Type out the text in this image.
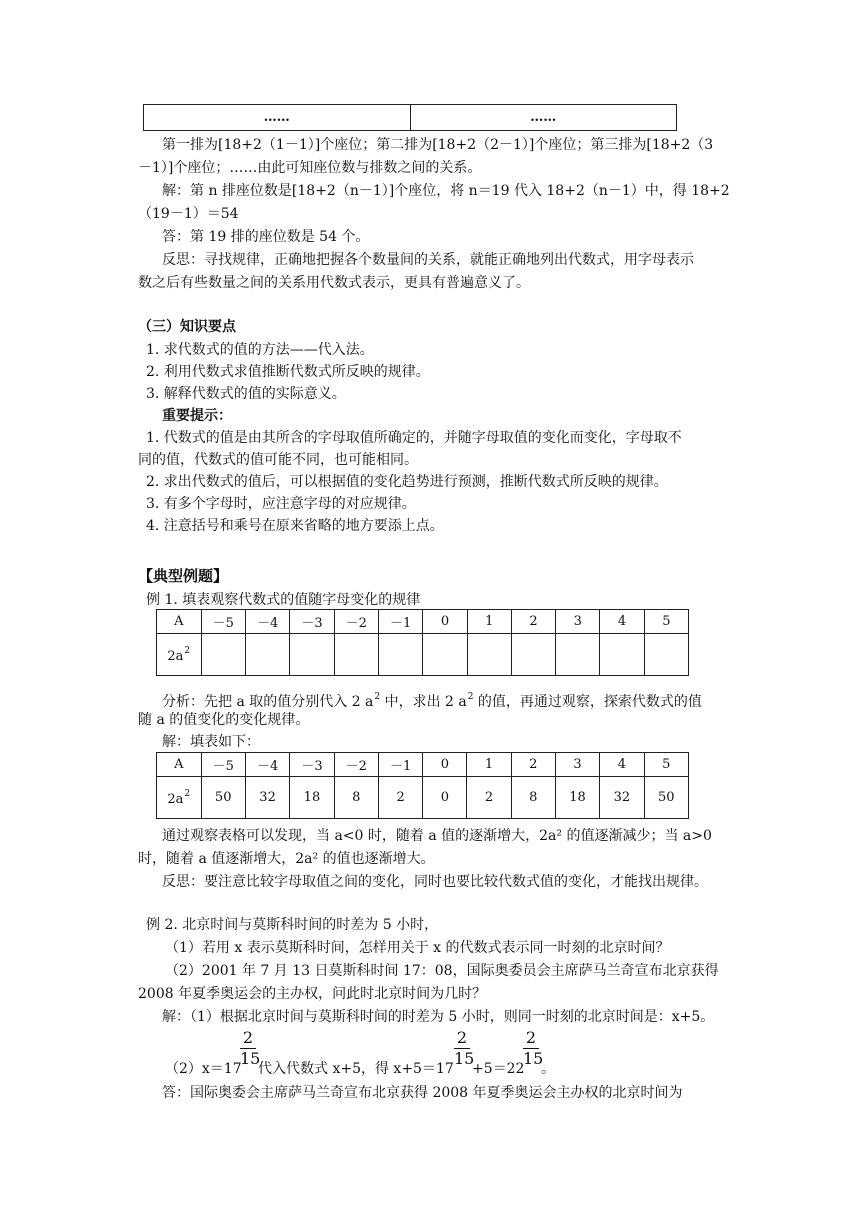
……	……
第一排为[18+2（1－1）]个座位；第二排为[18+2（2－1）]个座位；第三排为[18+2（3
－1）]个座位；……由此可知座位数与排数之间的关系。
解：第 n 排座位数是[18+2（n－1）]个座位，将 n＝19 代入 18+2（n－1）中，得 18+2
（19－1）＝54
答：第 19 排的座位数是 54 个。
反思：寻找规律，正确地把握各个数量间的关系，就能正确地列出代数式，用字母表示
数之后有些数量之间的关系用代数式表示，更具有普遍意义了。
（三）知识要点
1. 求代数式的值的方法——代入法。
2. 利用代数式求值推断代数式所反映的规律。
3. 解释代数式的值的实际意义。
重要提示：
1. 代数式的值是由其所含的字母取值所确定的，并随字母取值的变化而变化，字母取不
同的值，代数式的值可能不同，也可能相同。
2. 求出代数式的值后，可以根据值的变化趋势进行预测，推断代数式所反映的规律。
3. 有多个字母时，应注意字母的对应规律。
4. 注意括号和乘号在原来省略的地方要添上点。
【典型例题】
例 1. 填表观察代数式的值随字母变化的规律
A	－5	－4	－3	－2	－1	0	1	2	3	4	5
$2a^2$											
分析：先把 a 取的值分别代入 2 $a^2$ 中，求出 2 $a^2$ 的值，再通过观察，探索代数式的值
随 a 的值变化的变化规律。
解：填表如下：
A	－5	－4	－3	－2	－1	0	1	2	3	4	5
$2a^2$	50	32	18	8	2	0	2	8	18	32	50
通过观察表格可以发现，当 a<0 时，随着 a 值的逐渐增大，2a² 的值逐渐减少；当 a>0
时，随着 a 值逐渐增大，2a² 的值也逐渐增大。
反思：要注意比较字母取值之间的变化，同时也要比较代数式值的变化，才能找出规律。
例 2. 北京时间与莫斯科时间的时差为 5 小时，
（1）若用 x 表示莫斯科时间，怎样用关于 x 的代数式表示同一时刻的北京时间？
（2）2001 年 7 月 13 日莫斯科时间 17：08，国际奥委员会主席萨马兰奇宣布北京获得
2008 年夏季奥运会的主办权，问此时北京时间为几时？
解：（1）根据北京时间与莫斯科时间的时差为 5 小时，则同一时刻的北京时间是：x+5。
（2）x＝17
$\frac{2}{15}$
代入代数式 x+5，得 x+5＝17
$\frac{2}{15}$
+5＝22
$\frac{2}{15}$
。
答：国际奥委会主席萨马兰奇宣布北京获得 2008 年夏季奥运会主办权的北京时间为
